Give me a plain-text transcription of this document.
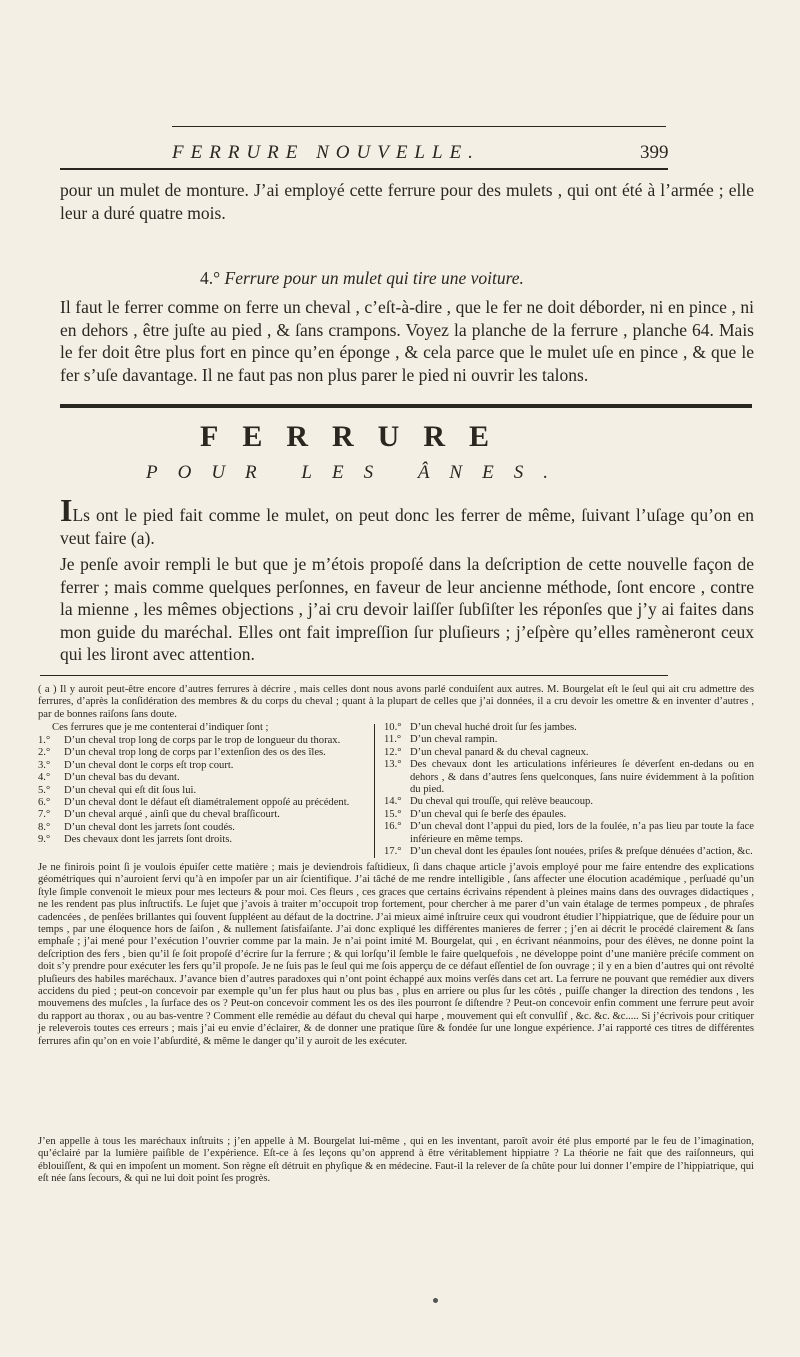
FERRURE NOUVELLE.	399
pour un mulet de monture. J’ai employé cette ferrure pour des mulets , qui ont été à l’armée ; elle leur a duré quatre mois.
4.° Ferrure pour un mulet qui tire une voiture.
Il faut le ferrer comme on ferre un cheval , c’eſt-à-dire , que le fer ne doit déborder, ni en pince , ni en dehors , être juſte au pied , & ſans crampons. Voyez la planche de la ferrure , planche 64. Mais le fer doit être plus fort en pince qu’en éponge , & cela parce que le mulet uſe en pince , & que le fer s’uſe davantage. Il ne faut pas non plus parer le pied ni ouvrir les talons.
FERRURE
POUR LES ÂNES.
ILs ont le pied fait comme le mulet, on peut donc les ferrer de même, ſuivant l’uſage qu’on en veut faire (a).
Je penſe avoir rempli le but que je m’étois propoſé dans la deſcription de cette nouvelle façon de ferrer ; mais comme quelques perſonnes, en faveur de leur ancienne méthode, ſont encore , contre la mienne , les mêmes objections , j’ai cru devoir laiſſer ſubſiſter les réponſes que j’y ai faites dans mon guide du maréchal. Elles ont fait impreſſion ſur pluſieurs ; j’eſpère qu’elles ramèneront ceux qui les liront avec attention.
( a ) Il y auroit peut-être encore d’autres ferrures à décrire , mais celles dont nous avons parlé conduiſent aux autres. M. Bourgelat eſt le ſeul qui ait cru admettre des ferrures, d’après la conſidération des membres & du corps du cheval ; quant à la plupart de celles que j’ai données, il a cru devoir les omettre & en inventer d’autres , par de bonnes raiſons ſans doute.
Ces ferrures que je me contenterai d’indiquer ſont ;
1.°	D’un cheval trop long de corps par le trop de longueur du thorax.
2.°	D’un cheval trop long de corps par l’extenſion des os des îles.
3.°	D’un cheval dont le corps eſt trop court.
4.°	D’un cheval bas du devant.
5.°	D’un cheval qui eſt dit ſous lui.
6.°	D’un cheval dont le défaut eſt diamétralement oppoſé au précédent.
7.°	D’un cheval arqué , ainſi que du cheval braſſicourt.
8.°	D’un cheval dont les jarrets ſont coudés.
9.°	Des chevaux dont les jarrets ſont droits.
10.° D’un cheval huché droit ſur ſes jambes.
11.° D’un cheval rampin.
12.° D’un cheval panard & du cheval cagneux.
13.° Des chevaux dont les articulations inférieures ſe déverſent en-dedans ou en dehors , & dans d’autres ſens quelconques, ſans nuire évidemment à la poſition du pied.
14.° Du cheval qui trouſſe, qui relève beaucoup.
15.° D’un cheval qui ſe berſe des épaules.
16.° D’un cheval dont l’appui du pied, lors de la foulée, n’a pas lieu par toute la face inférieure en même temps.
17.° D’un cheval dont les épaules ſont nouées, priſes & preſque dénuées d’action, &c.
Je ne finirois point ſi je voulois épuiſer cette matière ; mais je deviendrois faſtidieux, ſi dans chaque article j’avois employé pour me faire entendre des explications géométriques qui n’auroient ſervi qu’à en impoſer par un air ſcientifique. J’ai tâché de me rendre intelligible , ſans affecter une élocution académique , perſuadé qu’un ſtyle ſimple convenoit le mieux pour mes lecteurs & pour moi. Ces fleurs , ces graces que certains écrivains répendent à pleines mains dans des ouvrages didactiques , ne les rendent pas plus inſtructifs. Le ſujet que j’avois à traiter m’occupoit trop fortement, pour chercher à me parer d’un vain étalage de termes pompeux , de phraſes cadencées , de penſées brillantes qui ſouvent ſuppléent au défaut de la doctrine. J’ai mieux aimé inſtruire ceux qui voudront étudier l’hippiatrique, que de ſéduire pour un temps , par une éloquence hors de ſaiſon , & nullement ſatisfaiſante. J’ai donc expliqué les différentes manieres de ferrer ; j’en ai décrit le procédé clairement & ſans emphaſe ; j’ai mené pour l’exécution l’ouvrier comme par la main. Je n’ai point imité M. Bourgelat, qui , en écrivant néanmoins, pour des élèves, ne donne point la deſcription des fers , bien qu’il ſe ſoit propoſé d’écrire ſur la ferrure ; & qui lorſqu’il ſemble le faire quelquefois , ne développe point d’une manière préciſe comment on doit s’y prendre pour exécuter les fers qu’il propoſe. Je ne ſuis pas le ſeul qui me ſois apperçu de ce défaut eſſentiel de ſon ouvrage ; il y en a bien d’autres qui ont révolté pluſieurs des habiles maréchaux. J’avance bien d’autres paradoxes qui n’ont point échappé aux moins verſés dans cet art. La ferrure ne pouvant que remédier aux divers accidens du pied ; peut-on concevoir par exemple qu’un fer plus haut ou plus bas , plus en arriere ou plus ſur les côtés , puiſſe changer la direction des tendons , les mouvemens des muſcles , la ſurface des os ? Peut-on concevoir comment les os des iles pourront ſe diſtendre ? Peut-on concevoir enfin comment une ferrure peut avoir du rapport au thorax , ou au bas-ventre ? Comment elle remédie au défaut du cheval qui harpe , mouvement qui eſt convulſif , &c. &c. &c..... Si j’écrivois pour critiquer je releverois toutes ces erreurs ; mais j’ai eu envie d’éclairer, & de donner une pratique ſûre & fondée ſur une longue expérience. J’ai rapporté ces titres de différentes ferrures afin qu’on en voie l’abſurdité, & même le danger qu’il y auroit de les exécuter.
J’en appelle à tous les maréchaux inſtruits ; j’en appelle à M. Bourgelat lui-même , qui en les inventant, paroît avoir été plus emporté par le feu de l’imagination, qu’éclairé par la lumière paiſible de l’expérience. Eſt-ce à ſes leçons qu’on apprend à être véritablement hippiatre ? La théorie ne fait que des raiſonneurs, qui éblouiſſent, & qui en impoſent un moment. Son règne eſt détruit en phyſique & en médecine. Faut-il la relever de ſa chûte pour lui donner l’empire de l’hippiatrique, qui eſt née ſans ſecours, & qui ne lui doit point ſes progrès.
